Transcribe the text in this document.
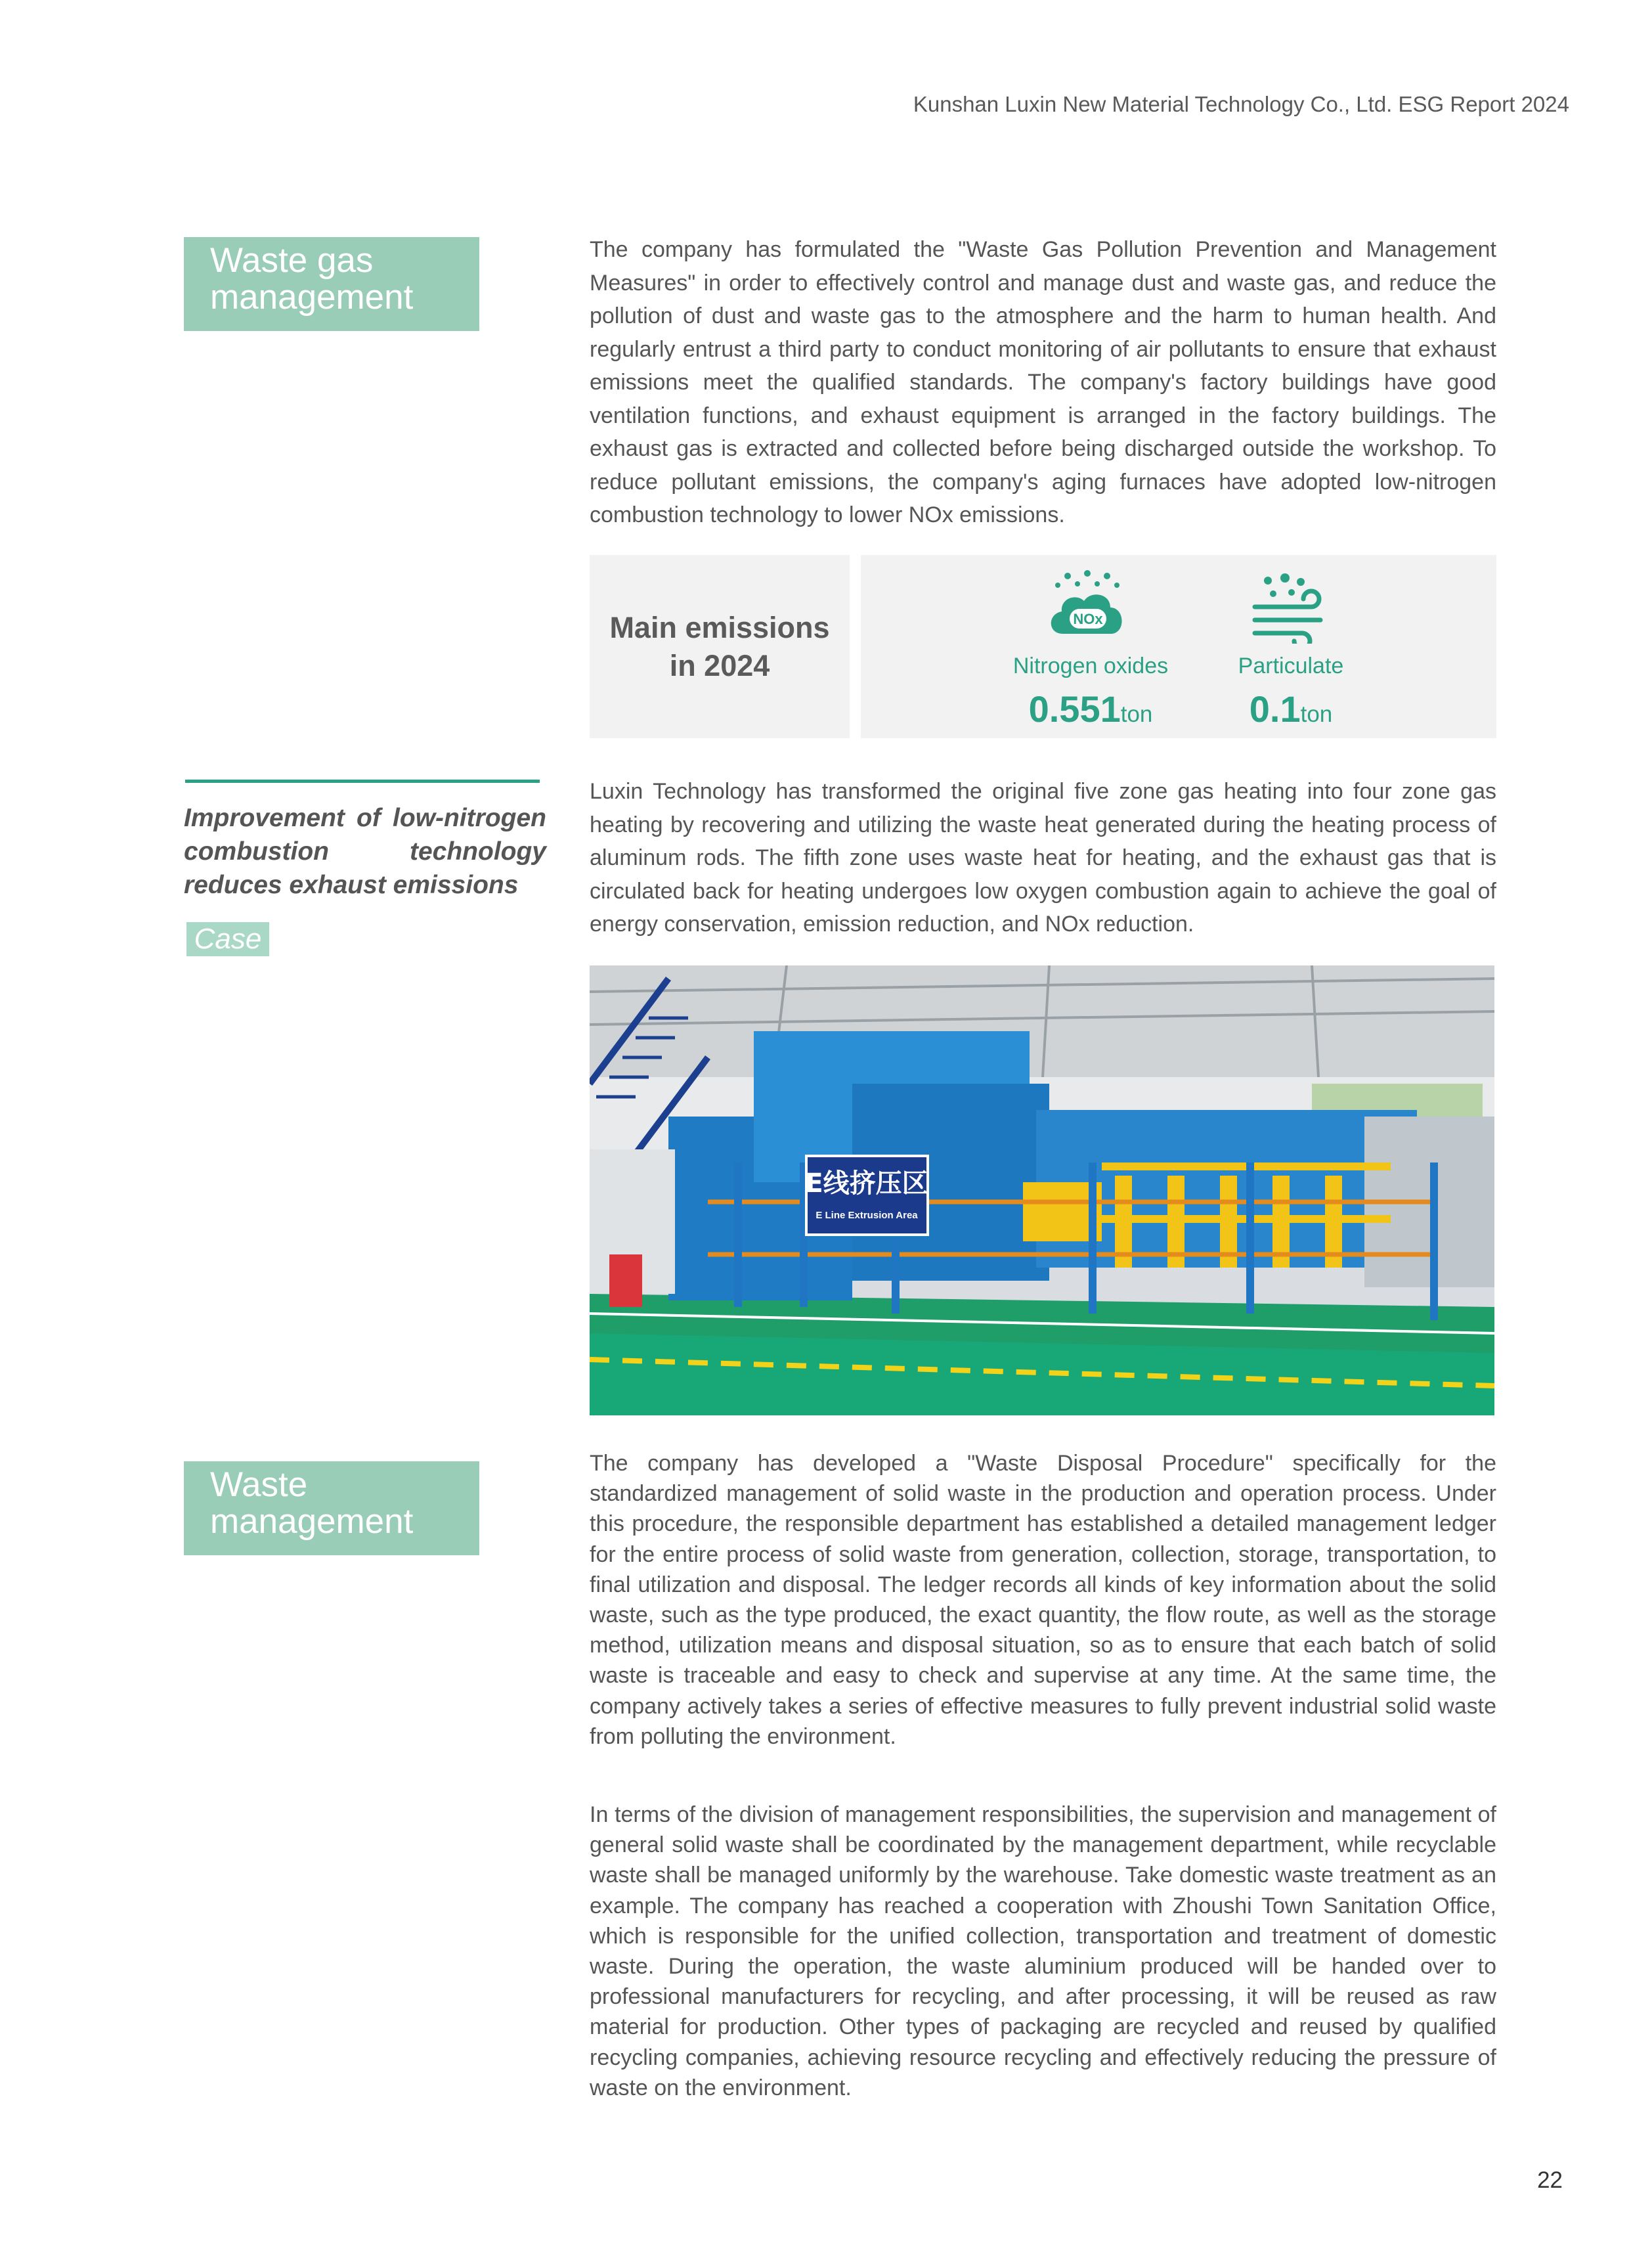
Kunshan Luxin New Material Technology Co., Ltd. ESG Report 2024
Waste gas management

The company has formulated the "Waste Gas Pollution Prevention and Management Measures" in order to effectively control and manage dust and waste gas, and reduce the pollution of dust and waste gas to the atmosphere and the harm to human health. And regularly entrust a third party to conduct monitoring of air pollutants to ensure that exhaust emissions meet the qualified standards. The company's factory buildings have good ventilation functions, and exhaust equipment is arranged in the factory buildings. The exhaust gas is extracted and collected before being discharged outside the workshop. To reduce pollutant emissions, the company's aging furnaces have adopted low-nitrogen combustion technology to lower NOx emissions.

Main emissions
in 2024
NOx
Nitrogen oxides
0.551ton
Particulate
0.1ton
Improvement of low-nitrogen
combustion technology
reduces exhaust emissions
Case

Luxin Technology has transformed the original five zone gas heating into four zone gas heating by recovering and utilizing the waste heat generated during the heating process of aluminum rods. The fifth zone uses waste heat for heating, and the exhaust gas that is circulated back for heating undergoes low oxygen combustion again to achieve the goal of energy conservation, emission reduction, and NOx reduction.

E线挤压区
E Line Extrusion Area
Waste management

The company has developed a "Waste Disposal Procedure" specifically for the standardized management of solid waste in the production and operation process. Under this procedure, the responsible department has established a detailed management ledger for the entire process of solid waste from generation, collection, storage, transportation, to final utilization and disposal. The ledger records all kinds of key information about the solid waste, such as the type produced, the exact quantity, the flow route, as well as the storage method, utilization means and disposal situation, so as to ensure that each batch of solid waste is traceable and easy to check and supervise at any time. At the same time, the company actively takes a series of effective measures to fully prevent industrial solid waste from polluting the environment.

In terms of the division of management responsibilities, the supervision and management of general solid waste shall be coordinated by the management department, while recyclable waste shall be managed uniformly by the warehouse. Take domestic waste treatment as an example. The company has reached a cooperation with Zhoushi Town Sanitation Office, which is responsible for the unified collection, transportation and treatment of domestic waste. During the operation, the waste aluminium produced will be handed over to professional manufacturers for recycling, and after processing, it will be reused as raw material for production. Other types of packaging are recycled and reused by qualified recycling companies, achieving resource recycling and effectively reducing the pressure of waste on the environment.

22
